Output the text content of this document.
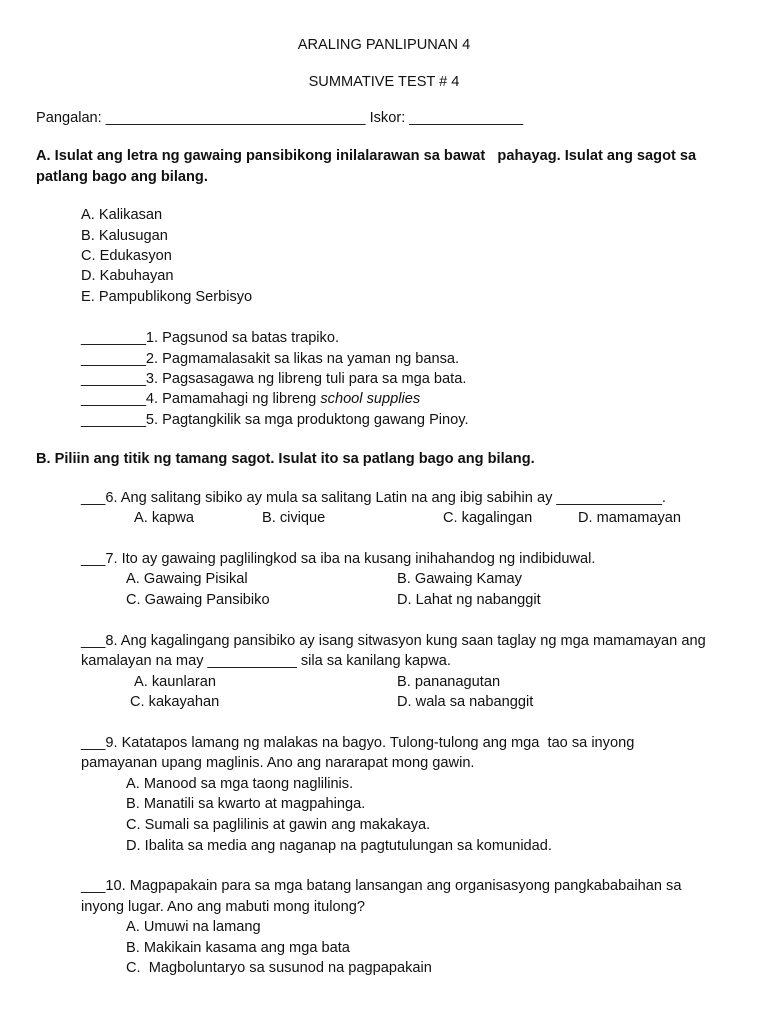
ARALING PANLIPUNAN 4
SUMMATIVE TEST # 4
Pangalan: ________________________________ Iskor: ______________
A. Isulat ang letra ng gawaing pansibikong inilalarawan sa bawat   pahayag. Isulat ang sagot sa
patlang bago ang bilang.
A. Kalikasan
B. Kalusugan
C. Edukasyon
D. Kabuhayan
E. Pampublikong Serbisyo
________1. Pagsunod sa batas trapiko.
________2. Pagmamalasakit sa likas na yaman ng bansa.
________3. Pagsasagawa ng libreng tuli para sa mga bata.
________4. Pamamahagi ng libreng school supplies
________5. Pagtangkilik sa mga produktong gawang Pinoy.
B. Piliin ang titik ng tamang sagot. Isulat ito sa patlang bago ang bilang.
___6. Ang salitang sibiko ay mula sa salitang Latin na ang ibig sabihin ay _____________.
A. kapwa	B. civique	C. kagalingan	D. mamamayan
___7. Ito ay gawaing paglilingkod sa iba na kusang inihahandog ng indibiduwal.
A. Gawaing Pisikal	B. Gawaing Kamay
C. Gawaing Pansibiko	D. Lahat ng nabanggit
___8. Ang kagalingang pansibiko ay isang sitwasyon kung saan taglay ng mga mamamayan ang
kamalayan na may ___________ sila sa kanilang kapwa.
A. kaunlaran	B. pananagutan
C. kakayahan	D. wala sa nabanggit
___9. Katatapos lamang ng malakas na bagyo. Tulong-tulong ang mga  tao sa inyong
pamayanan upang maglinis. Ano ang nararapat mong gawin.
A. Manood sa mga taong naglilinis.
B. Manatili sa kwarto at magpahinga.
C. Sumali sa paglilinis at gawin ang makakaya.
D. Ibalita sa media ang naganap na pagtutulungan sa komunidad.
___10. Magpapakain para sa mga batang lansangan ang organisasyong pangkababaihan sa
inyong lugar. Ano ang mabuti mong itulong?
A. Umuwi na lamang
B. Makikain kasama ang mga bata
C.  Magboluntaryo sa susunod na pagpapakain
